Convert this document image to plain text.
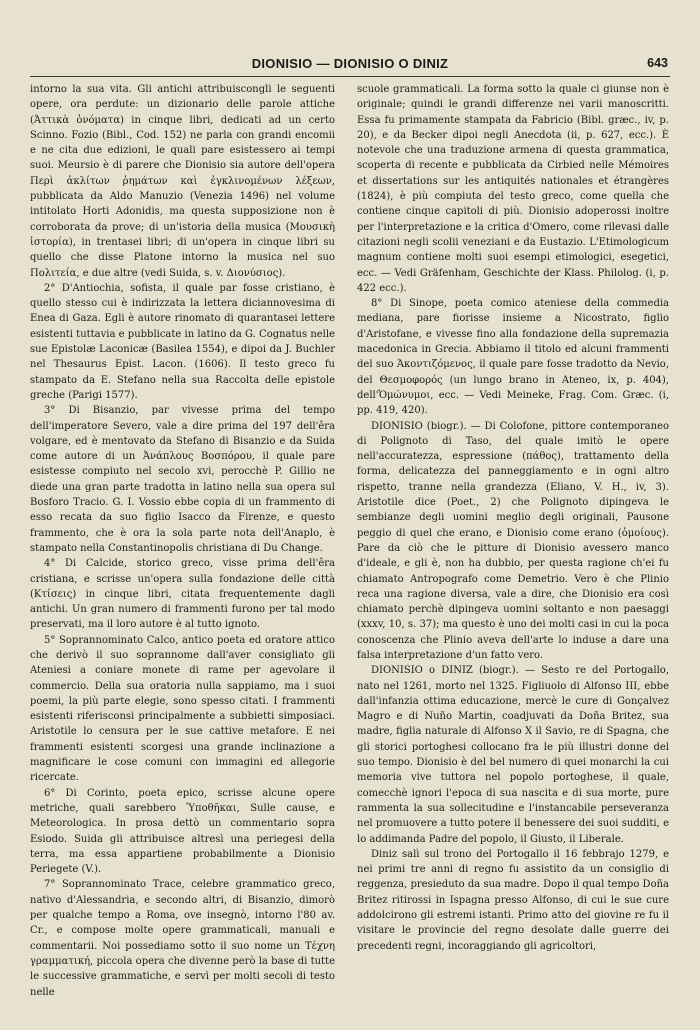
DIONISIO — DIONISIO O DINIZ	643

intorno la sua vita. Gli antichi attribuiscongli le seguenti opere, ora perdute: un dizionario delle parole attiche (Ἀττικὰ ὀνόματα) in cinque libri, dedicati ad un certo Scinno. Fozio (Bibl., Cod. 152) ne parla con grandi encomii e ne cita due edizioni, le quali pare esistessero ai tempi suoi. Meursio è di parere che Dionisio sia autore dell'opera Περὶ ἀκλίτων ῥημάτων καὶ ἐγκλινομένων λέξεων, pubblicata da Aldo Manuzio (Venezia 1496) nel volume intitolato Horti Adonidis, ma questa supposizione non è corroborata da prove; di un'istoria della musica (Μουσικὴ ἱστορία), in trentasei libri; di un'opera in cinque libri su quello che disse Platone intorno la musica nel suo Πολιτεία, e due altre (vedi Suida, s. v. Διονύσιος).

2° D'Antiochia, sofista, il quale par fosse cristiano, è quello stesso cui è indirizzata la lettera diciannovesima di Enea di Gaza. Egli è autore rinomato di quarantasei lettere esistenti tuttavia e pubblicate in latino da G. Cognatus nelle sue Epistolæ Laconicæ (Basilea 1554), e dipoi da J. Buchler nel Thesaurus Epist. Lacon. (1606). Il testo greco fu stampato da E. Stefano nella sua Raccolta delle epistole greche (Parigi 1577).

3° Di Bisanzio, par vivesse prima del tempo dell'imperatore Severo, vale a dire prima del 197 dell'êra volgare, ed è mentovato da Stefano di Bisanzio e da Suida come autore di un Ἀνάπλους Βοσπόρου, il quale pare esistesse compiuto nel secolo xvi, perocchè P. Gillio ne diede una gran parte tradotta in latino nella sua opera sul Bosforo Tracio. G. I. Vossio ebbe copia di un frammento di esso recata da suo figlio Isacco da Firenze, e questo frammento, che è ora la sola parte nota dell'Anaplo, è stampato nella Constantinopolis christiana di Du Change.

4° Di Calcide, storico greco, visse prima dell'êra cristiana, e scrisse un'opera sulla fondazione delle città (Κτίσεις) in cinque libri, citata frequentemente dagli antichi. Un gran numero di frammenti furono per tal modo preservati, ma il loro autore è al tutto ignoto.

5° Soprannominato Calco, antico poeta ed oratore attico che derivò il suo soprannome dall'aver consigliato gli Ateniesi a coniare monete di rame per agevolare il commercio. Della sua oratoria nulla sappiamo, ma i suoi poemi, la più parte elegie, sono spesso citati. I frammenti esistenti riferisconsi principalmente a subbietti simposiaci. Aristotile lo censura per le sue cattive metafore. E nei frammenti esistenti scorgesi una grande inclinazione a magnificare le cose comuni con immagini ed allegorie ricercate.

6° Di Corinto, poeta epico, scrisse alcune opere metriche, quali sarebbero Ὑποθῆκαι, Sulle cause, e Meteorologica. In prosa dettò un commentario sopra Esiodo. Suida gli attribuisce altresì una periegesi della terra, ma essa appartiene probabilmente a Dionisio Periegete (V.).

7° Soprannominato Trace, celebre grammatico greco, nativo d'Alessandria, e secondo altri, di Bisanzio, dimorò per qualche tempo a Roma, ove insegnò, intorno l'80 av. Cr., e compose molte opere grammaticali, manuali e commentarii. Noi possediamo sotto il suo nome un Τέχνη γραμματική, piccola opera che divenne però la base di tutte le successive grammatiche, e servì per molti secoli di testo nelle

scuole grammaticali. La forma sotto la quale ci giunse non è originale; quindi le grandi differenze nei varii manoscritti. Essa fu primamente stampata da Fabricio (Bibl. græc., iv, p. 20), e da Becker dipoi negli Anecdota (ii, p. 627, ecc.). È notevole che una traduzione armena di questa grammatica, scoperta di recente e pubblicata da Cirbied nelle Mémoires et dissertations sur les antiquités nationales et étrangères (1824), è più compiuta del testo greco, come quella che contiene cinque capitoli di più. Dionisio adoperossi inoltre per l'interpretazione e la critica d'Omero, come rilevasi dalle citazioni negli scolii veneziani e da Eustazio. L'Etimologicum magnum contiene molti suoi esempi etimologici, esegetici, ecc. — Vedi Gräfenham, Geschichte der Klass. Philolog. (i, p. 422 ecc.).

8° Di Sinope, poeta comico ateniese della commedia mediana, pare fiorisse insieme a Nicostrato, figlio d'Aristofane, e vivesse fino alla fondazione della supremazia macedonica in Grecia. Abbiamo il titolo ed alcuni frammenti del suo Ἀκοντιζόμενος, il quale pare fosse tradotto da Nevio, del Θεσμοφορός (un lungo brano in Ateneo, ix, p. 404), dell'Ὁμώνυμοι, ecc. — Vedi Meineke, Frag. Com. Græc. (i, pp. 419, 420).

DIONISIO (biogr.). — Di Colofone, pittore contemporaneo di Polignoto di Taso, del quale imitò le opere nell'accuratezza, espressione (πάθος), trattamento della forma, delicatezza del panneggiamento e in ogni altro rispetto, tranne nella grandezza (Eliano, V. H., iv, 3). Aristotile dice (Poet., 2) che Polignoto dipingeva le sembianze degli uomini meglio degli originali, Pausone peggio di quel che erano, e Dionisio come erano (ὁμοίους). Pare da ciò che le pitture di Dionisio avessero manco d'ideale, e gli è, non ha dubbio, per questa ragione ch'ei fu chiamato Antropografo come Demetrio. Vero è che Plinio reca una ragione diversa, vale a dire, che Dionisio era così chiamato perchè dipingeva uomini soltanto e non paesaggi (xxxv, 10, s. 37); ma questo è uno dei molti casi in cui la poca conoscenza che Plinio aveva dell'arte lo induse a dare una falsa interpretazione d'un fatto vero.

DIONISIO o DINIZ (biogr.). — Sesto re del Portogallo, nato nel 1261, morto nel 1325. Figliuolo di Alfonso III, ebbe dall'infanzia ottima educazione, mercè le cure di Gonçalvez Magro e di Nuño Martin, coadjuvati da Doña Britez, sua madre, figlia naturale di Alfonso X il Savio, re di Spagna, che gli storici portoghesi collocano fra le più illustri donne del suo tempo. Dionisio è del bel numero di quei monarchi la cui memoria vive tuttora nel popolo portoghese, il quale, comecchè ignori l'epoca di sua nascita e di sua morte, pure rammenta la sua sollecitudine e l'instancabile perseveranza nel promuovere a tutto potere il benessere dei suoi sudditi, e lo addimanda Padre del popolo, il Giusto, il Liberale.

Diniz salì sul trono del Portogallo il 16 febbrajo 1279, e nei primi tre anni di regno fu assistito da un consiglio di reggenza, presieduto da sua madre. Dopo il qual tempo Doña Britez ritirossi in Ispagna presso Alfonso, di cui le sue cure addolcirono gli estremi istanti. Primo atto del giovine re fu il visitare le provincie del regno desolate dalle guerre dei precedenti regni, incoraggiando gli agricoltori,
